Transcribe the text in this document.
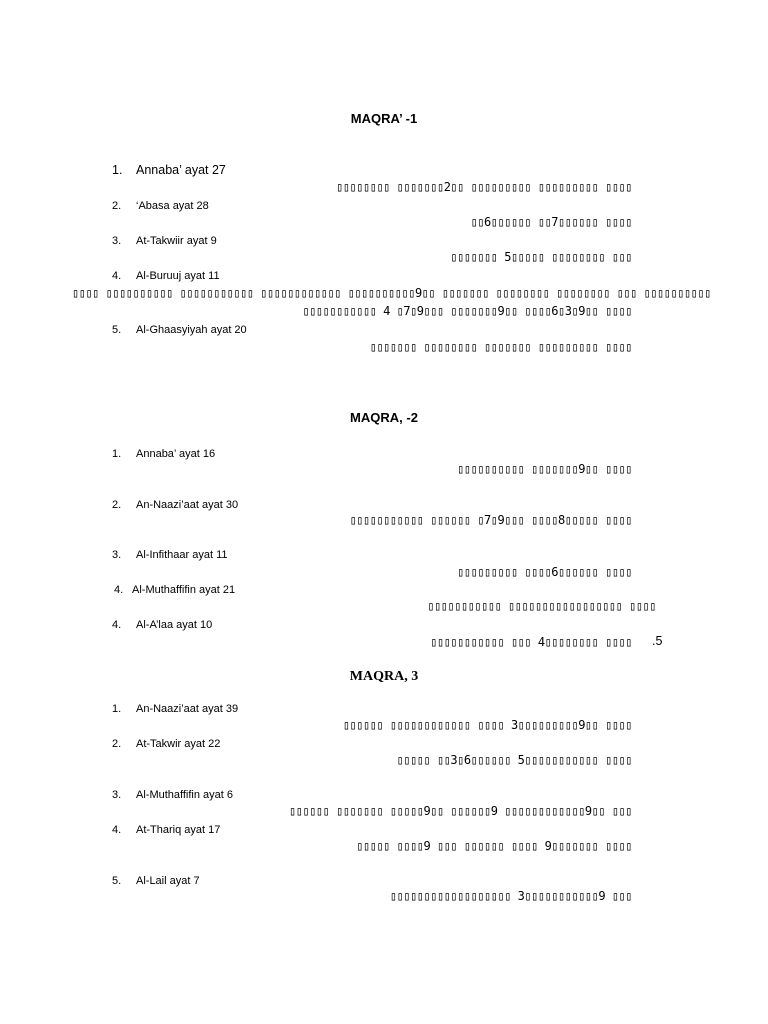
MAQRA’ -1
1. Annaba’ ayat 27
▯▯▯▯▯▯▯▯ ▯▯▯▯▯▯▯2▯▯ ▯▯▯▯▯▯▯▯▯ ▯▯▯▯▯▯▯▯▯ ▯▯▯▯
2. ‘Abasa ayat 28
▯▯6▯▯▯▯▯▯ ▯▯7▯▯▯▯▯▯ ▯▯▯▯
3. At-Takwiir ayat 9
▯▯▯▯▯▯▯ 5▯▯▯▯▯ ▯▯▯▯▯▯▯▯ ▯▯▯
4. Al-Buruuj ayat 11
▯▯▯▯ ▯▯▯▯▯▯▯▯▯▯ ▯▯▯▯▯▯▯▯▯▯▯ ▯▯▯▯▯▯▯▯▯▯▯▯ ▯▯▯▯▯▯▯▯▯▯9▯▯ ▯▯▯▯▯▯▯ ▯▯▯▯▯▯▯▯ ▯▯▯▯▯▯▯▯ ▯▯▯ ▯▯▯▯▯▯▯▯▯▯
▯▯▯▯▯▯▯▯▯▯▯ 4 ▯7▯9▯▯▯ ▯▯▯▯▯▯▯9▯▯ ▯▯▯▯6▯3▯9▯▯ ▯▯▯▯
5. Al-Ghaasyiyah ayat 20
▯▯▯▯▯▯▯ ▯▯▯▯▯▯▯▯ ▯▯▯▯▯▯▯ ▯▯▯▯▯▯▯▯▯ ▯▯▯▯
MAQRA, -2
1. Annaba’ ayat 16
▯▯▯▯▯▯▯▯▯▯ ▯▯▯▯▯▯▯9▯▯ ▯▯▯▯
2. An-Naazi’aat ayat 30
▯▯▯▯▯▯▯▯▯▯▯ ▯▯▯▯▯▯ ▯7▯9▯▯▯ ▯▯▯▯8▯▯▯▯▯ ▯▯▯▯
3. Al-Infithaar ayat 11
▯▯▯▯▯▯▯▯▯ ▯▯▯▯6▯▯▯▯▯▯ ▯▯▯▯
4. Al-Muthaffifin ayat 21
▯▯▯▯▯▯▯▯▯▯▯ ▯▯▯▯▯▯▯▯▯▯▯▯▯▯▯▯▯ ▯▯▯▯
4. Al-A’laa ayat 10
▯▯▯▯▯▯▯▯▯▯▯ ▯▯▯ 4▯▯▯▯▯▯▯▯ ▯▯▯▯ .5
MAQRA, 3
1. An-Naazi’aat ayat 39
▯▯▯▯▯▯ ▯▯▯▯▯▯▯▯▯▯▯▯ ▯▯▯▯ 3▯▯▯▯▯▯▯▯▯9▯▯ ▯▯▯▯
2. At-Takwir ayat 22
▯▯▯▯▯ ▯▯3▯6▯▯▯▯▯▯ 5▯▯▯▯▯▯▯▯▯▯▯ ▯▯▯▯
3. Al-Muthaffifin ayat 6
▯▯▯▯▯▯ ▯▯▯▯▯▯▯ ▯▯▯▯▯9▯▯ ▯▯▯▯▯▯9 ▯▯▯▯▯▯▯▯▯▯▯▯9▯▯ ▯▯▯
4. At-Thariq ayat 17
▯▯▯▯▯ ▯▯▯▯9 ▯▯▯ ▯▯▯▯▯▯ ▯▯▯▯ 9▯▯▯▯▯▯▯ ▯▯▯▯
5. Al-Lail ayat 7
▯▯▯▯▯▯▯▯▯▯▯▯▯▯▯▯▯▯ 3▯▯▯▯▯▯▯▯▯▯▯9 ▯▯▯
